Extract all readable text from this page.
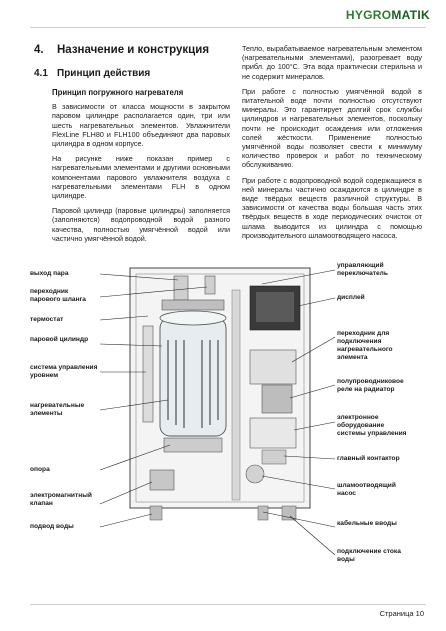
HYGRO MATIK
4. Назначение и конструкция
4.1 Принцип действия
Принцип погружного нагревателя

В зависимости от класса мощности в закрытом паровом цилиндре располагается один, три или шесть нагревательных элементов. Увлажнители FlexLine FLH80 и FLH100 объединяют два паровых цилиндра в одном корпусе.

На рисунке ниже показан пример с нагревательными элементами и другими основными компонентами парового увлажнителя воздуха с нагревательными элементами FLH в одном цилиндре.

Паровой цилиндр (паровые цилиндры) заполняется (заполняются) водопроводной водой разного качества, полностью умягчённой водой или частично умягчённой водой.

Тепло, вырабатываемое нагревательным элементом (нагревательными элементами), разогревает воду прибл. до 100°C. Эта вода практически стерильна и не содержит минералов.

При работе с полностью умягчённой водой в питательной воде почти полностью отсутствуют минералы. Это гарантирует долгий срок службы цилиндров и нагревательных элементов, поскольку почти не происходит осаждения или отложения солей жёсткости. Применение полностью умягчённой воды позволяет свести к минимуму количество проверок и работ по техническому обслуживанию.

При работе с водопроводной водой содержащиеся в ней минералы частично осаждаются в цилиндре в виде твёрдых веществ различной структуры. В зависимости от качества воды большая часть этих твёрдых веществ в ходе периодических очисток от шлама выводится из цилиндра с помощью производительного шламоотводящего насоса.

выход пара
переходник парового шланга
термостат
паровой цилиндр
система управления уровнем
нагревательные элементы
опора
электромагнитный клапан
подвод воды
управляющий переключатель
дисплей
переходник для подключения нагревательного элемента
полупроводниковое реле на радиатор
электронное оборудование системы управления
главный контактор
шламоотводящий насос
кабельные вводы
подключение стока воды
Страница 10
